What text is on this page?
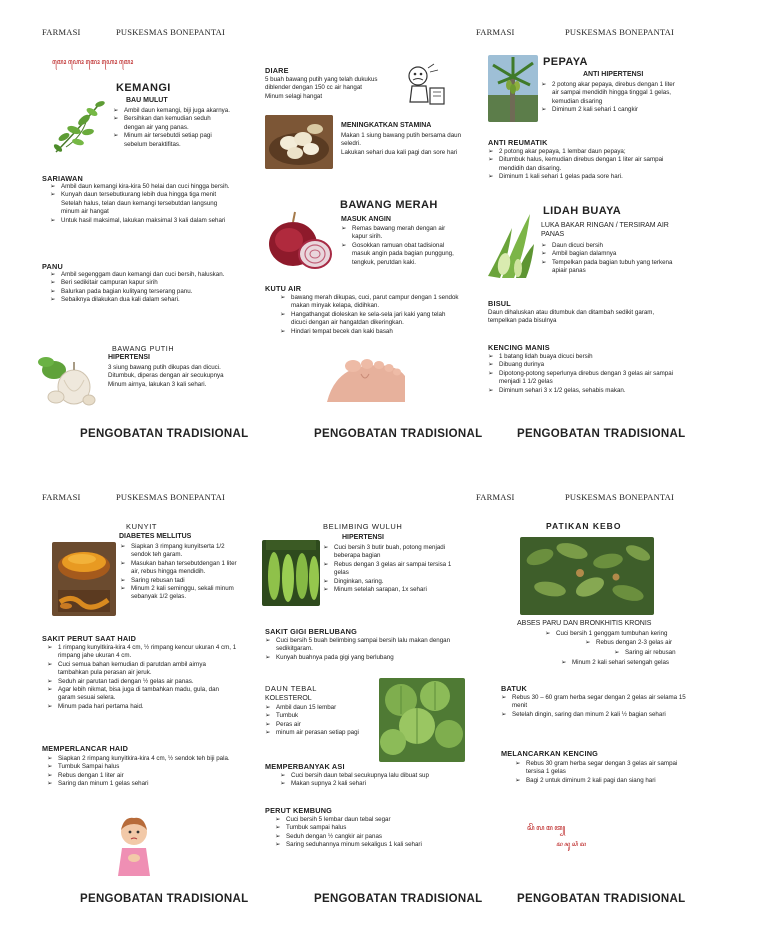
FARMASI	PUSKESMAS BONEPANTAI	FARMASI	PUSKESMAS BONEPANTAI
FARMASI	PUSKESMAS BONEPANTAI	FARMASI	PUSKESMAS BONEPANTAI
ꦩꦺꦴꦲꦺꦴꦩꦺꦴꦲꦺꦴꦩꦺꦴ
KEMANGI
BAU MULUT
➢ Ambil daun kemangi, biji juga akarnya.
➢ Bersihkan dan kemudian seduh dengan air yang panas.
➢ Minum air tersebutdi setiap pagi sebelum beraktifitas.
SARIAWAN
➢ Ambil daun kemangi kira-kira 50 helai dan cuci hingga bersih.
➢ Kunyah daun tersebutkurang lebih dua hingga tiga menit Setelah halus, telan daun kemangi tersebutdan langsung minum air hangat
➢ Untuk hasil maksimal, lakukan maksimal 3 kali dalam sehari
PANU
➢ Ambil segenggam daun kemangi dan cuci bersih, haluskan.
➢ Beri sedikitair campuran kapur sirih
➢ Balurkan pada bagian kulityang terserang panu.
➢ Sebaiknya dilakukan dua kali dalam sehari.
BAWANG PUTIH
HIPERTENSI

3 siung bawang putih dikupas dan dicuci.

Ditumbuk, diperas dengan air secukupnya

Minum airnya, lakukan 3 kali sehari.

PENGOBATAN TRADISIONAL
DIARE

5 buah bawang putih yang telah dukukus

diblender dengan 150 cc air hangat

Minum selagi hangat

MENINGKATKAN STAMINA

Makan 1 siung bawang putih bersama daun seledri.

Lakukan sehari dua kali pagi dan sore hari

BAWANG MERAH
MASUK ANGIN
➢ Remas bawang merah dengan air kapur sirih.
➢ Gosokkan ramuan obat tadisional masuk angin pada bagian punggung, tengkuk, perutdan kaki.
KUTU AIR
➢ bawang merah dikupas, cuci, parut campur dengan 1 sendok makan minyak kelapa, didihkan.
➢ Hangathangat dioleskan ke sela-sela jari kaki yang telah dicuci dengan air hangatdan dikeringkan.
➢ Hindari tempat becek dan kaki basah
PENGOBATAN TRADISIONAL
PEPAYA
ANTI HIPERTENSI
➢ 2 potong akar pepaya, direbus dengan 1 liter air sampai mendidih hingga tinggal 1 gelas, kemudian disaring
➢ Diminum 2 kali sehari 1 cangkir
ANTI REUMATIK
➢ 2 potong akar pepaya, 1 lembar daun pepaya;
➢ Ditumbuk halus, kemudian direbus dengan 1 liter air sampai mendidih dan disaring.
➢ Diminum 1 kali sehari 1 gelas pada sore hari.
LIDAH BUAYA
LUKA BAKAR RINGAN / TERSIRAM AIR PANAS
➢ Daun dicuci bersih
➢ Ambil bagian dalamnya
➢ Tempelkan pada bagian tubuh yang terkena apiair panas
BISUL

Daun dihaluskan atau ditumbuk dan ditambah sedikit garam, tempelkan pada bisulnya

KENCING MANIS
➢ 1 batang lidah buaya dicuci bersih
➢ Dibuang durinya
➢ Dipotong-potong seperlunya direbus dengan 3 gelas air sampai menjadi 1 1/2 gelas
➢ Diminum sehari 3 x 1/2 gelas, sehabis makan.
PENGOBATAN TRADISIONAL
KUNYIT
DIABETES MELLITUS
➢ Siapkan 3 rimpang kunyitserta 1/2 sendok teh garam.
➢ Masukan bahan tersebutdengan 1 liter air, rebus hingga mendidih.
➢ Saring rebusan tadi
➢ Minum 2 kali seminggu, sekali minum sebanyak 1/2 gelas.
SAKIT PERUT SAAT HAID
➢ 1 rimpang kunyitkira-kira 4 cm, ½ rimpang kencur ukuran 4 cm, 1 rimpang jahe ukuran 4 cm.
➢ Cuci semua bahan kemudian di parutdan ambil airnya tambahkan pula perasan air jeruk.
➢ Seduh air parutan tadi dengan ½ gelas air panas.
➢ Agar lebih nikmat, bisa juga di tambahkan madu, gula, dan garam sesuai selera.
➢ Minum pada hari pertama haid.
MEMPERLANCAR HAID
➢ Siapkan 2 rimpang kunyitkira-kira 4 cm, ½ sendok teh biji pala.
➢ Tumbuk Sampai halus
➢ Rebus dengan 1 liter air
➢ Saring dan minum 1 gelas sehari
PENGOBATAN TRADISIONAL
BELIMBING WULUH
HIPERTENSI
➢ Cuci bersih 3 butir buah, potong menjadi beberapa bagian
➢ Rebus dengan 3 gelas air sampai tersisa 1 gelas
➢ Dinginkan, saring.
➢ Minum setelah sarapan, 1x sehari
SAKIT GIGI BERLUBANG
➢ Cuci bersih 5 buah belimbing sampai bersih lalu makan dengan sedikitgaram.
➢ Kunyah buahnya pada gigi yang berlubang
DAUN TEBAL
KOLESTEROL
➢ Ambil daun 15 lembar
➢ Tumbuk
➢ Peras air
➢ minum air perasan setiap pagi
MEMPERBANYAK ASI
➢ Cuci bersih daun tebal secukupnya lalu dibuat sup
➢ Makan supnya 2 kali sehari
PERUT KEMBUNG
➢ Cuci bersih 5 lembar daun tebal segar
➢ Tumbuk sampai halus
➢ Seduh dengan ½ cangkir air panas
➢ Saring seduhannya minum sekaligus 1 kali sehari
PENGOBATAN TRADISIONAL
PATIKAN KEBO
ABSES PARU DAN BRONKHITIS KRONIS
➢ Cuci bersih 1 genggam tumbuhan kering
➢ Rebus dengan 2-3 gelas air
➢ Saring air rebusan
➢ Minum 2 kali sehari setengah gelas
BATUK
➢ Rebus 30 – 60 gram herba segar dengan 2 gelas air selama 15 menit
➢ Setelah dingin, saring dan minum 2 kali ½ bagian sehari
MELANCARKAN KENCING
➢ Rebus 30 gram herba segar dengan 3 gelas air sampai tersisa 1 gelas
➢ Bagi 2 untuk diminum 2 kali pagi dan siang hari
ꦱꦼꦭꦩꦠ꧀
ꦢꦤꦸꦱꦶꦢ
PENGOBATAN TRADISIONAL
